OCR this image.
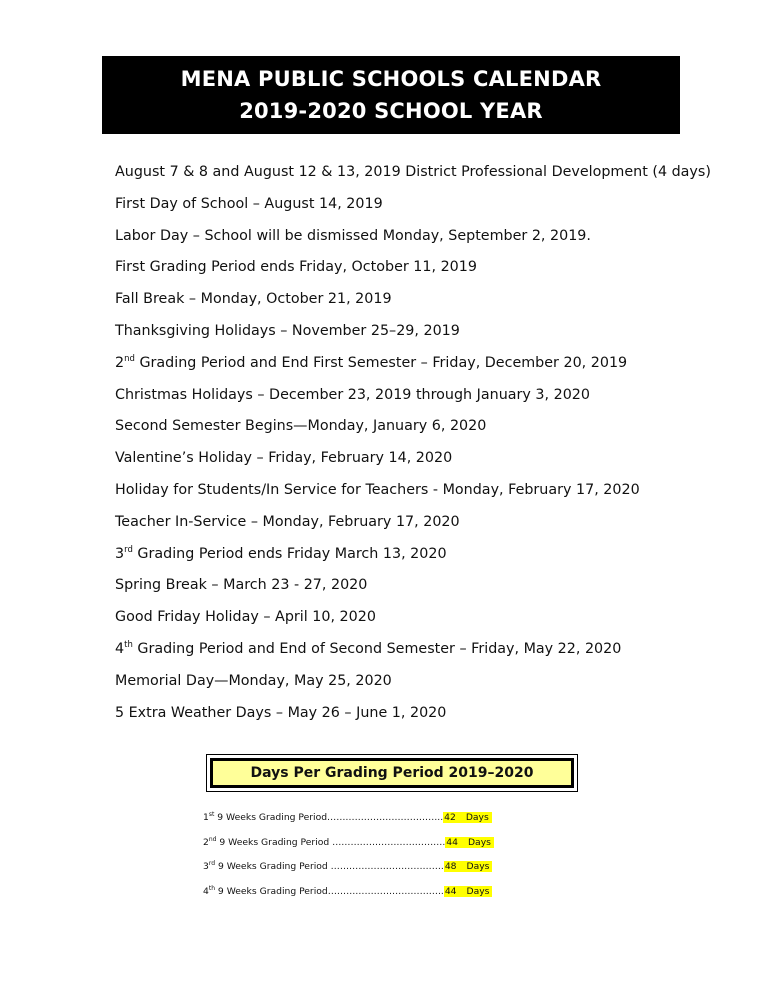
MENA PUBLIC SCHOOLS CALENDAR
2019-2020 SCHOOL YEAR
August 7 & 8 and August 12 & 13, 2019 District Professional Development (4 days)
First Day of School – August 14, 2019
Labor Day – School will be dismissed Monday, September 2, 2019.
First Grading Period ends Friday, October 11, 2019
Fall Break – Monday, October 21, 2019
Thanksgiving Holidays – November 25–29, 2019
2nd Grading Period and End First Semester – Friday, December 20, 2019
Christmas Holidays – December 23, 2019 through January 3, 2020
Second Semester Begins—Monday, January 6, 2020
Valentine’s Holiday – Friday, February 14, 2020
Holiday for Students/In Service for Teachers - Monday, February 17, 2020
Teacher In-Service – Monday, February 17, 2020
3rd Grading Period ends Friday March 13, 2020
Spring Break – March 23 - 27, 2020
Good Friday Holiday – April 10, 2020
4th Grading Period and End of Second Semester – Friday, May 22, 2020
Memorial Day—Monday, May 25, 2020
5 Extra Weather Days – May 26 – June 1, 2020
Days Per Grading Period 2019–2020
1st 9 Weeks Grading Period……………………………….. 42 Days
2nd 9 Weeks Grading Period ………………………………. 44 Days
3rd 9 Weeks Grading Period ………………………………. 48 Days
4th 9 Weeks Grading Period……………………………….. 44 Days
